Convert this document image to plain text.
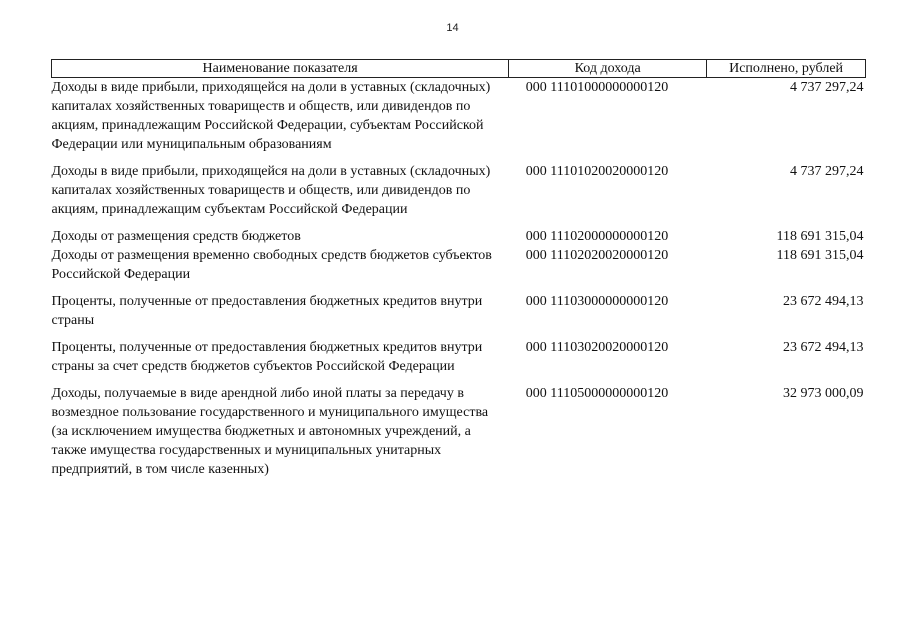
14
Наименование показателя	Код дохода	Исполнено, рублей
Доходы в виде прибыли, приходящейся на доли в уставных (складочных) капиталах хозяйственных товариществ и обществ, или дивидендов по акциям, принадлежащим Российской Федерации, субъектам Российской Федерации или муниципальным образованиям	000 11101000000000120	4 737 297,24
Доходы в виде прибыли, приходящейся на доли в уставных (складочных) капиталах хозяйственных товариществ и обществ, или дивидендов по акциям, принадлежащим субъектам Российской Федерации	000 11101020020000120	4 737 297,24
Доходы от размещения средств бюджетов	000 11102000000000120	118 691 315,04
Доходы от размещения временно свободных средств бюджетов субъектов Российской Федерации	000 11102020020000120	118 691 315,04
Проценты, полученные от предоставления бюджетных кредитов внутри страны	000 11103000000000120	23 672 494,13
Проценты, полученные от предоставления бюджетных кредитов внутри страны за счет средств бюджетов субъектов Российской Федерации	000 11103020020000120	23 672 494,13
Доходы, получаемые в виде арендной либо иной платы за передачу в возмездное пользование государственного и муниципального имущества (за исключением имущества бюджетных и автономных учреждений, а также имущества государственных и муниципальных унитарных предприятий, в том числе казенных)	000 11105000000000120	32 973 000,09
